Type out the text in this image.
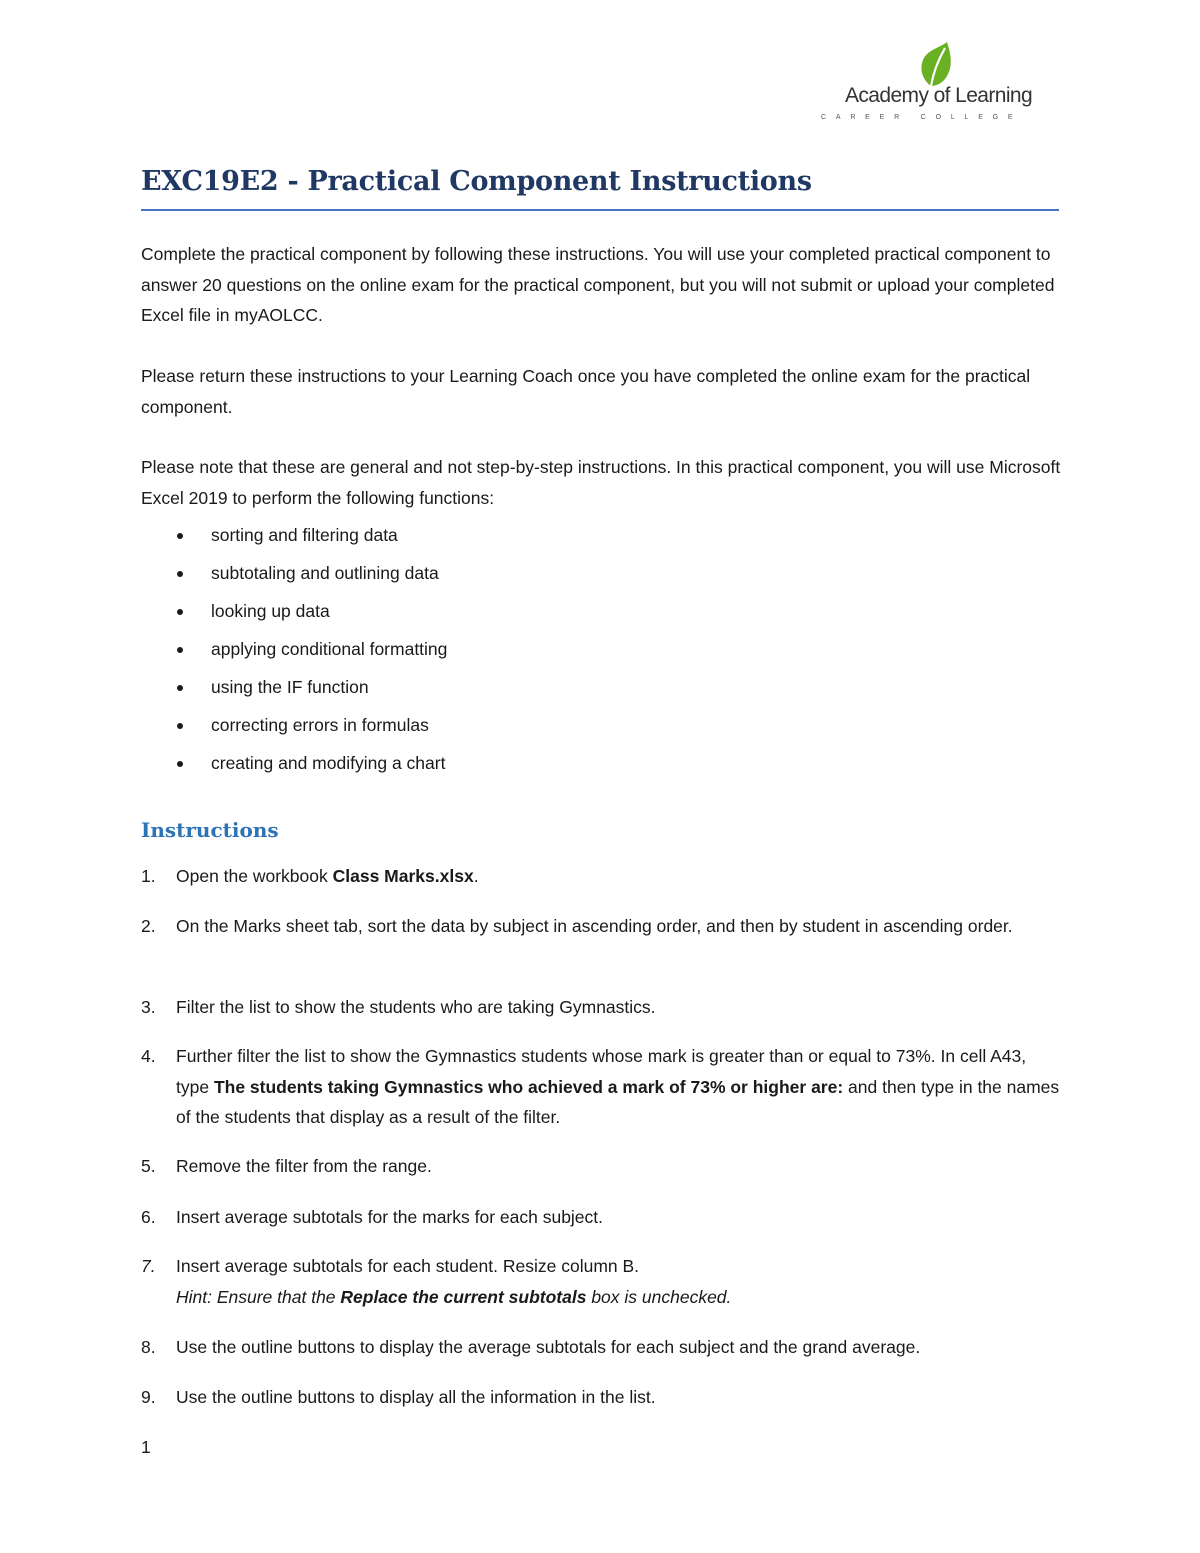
Academy of Learning
CAREER COLLEGE
EXC19E2 - Practical Component Instructions

Complete the practical component by following these instructions. You will use your completed practical component to answer 20 questions on the online exam for the practical component, but you will not submit or upload your completed Excel file in myAOLCC.

Please return these instructions to your Learning Coach once you have completed the online exam for the practical component.

Please note that these are general and not step-by-step instructions. In this practical component, you will use Microsoft Excel 2019 to perform the following functions:

sorting and filtering data
subtotaling and outlining data
looking up data
applying conditional formatting
using the IF function
correcting errors in formulas
creating and modifying a chart
Instructions
1.	Open the workbook Class Marks.xlsx.
2.	On the Marks sheet tab, sort the data by subject in ascending order, and then by student in ascending order.
3.	Filter the list to show the students who are taking Gymnastics.
4.	Further filter the list to show the Gymnastics students whose mark is greater than or equal to 73%. In cell A43, type The students taking Gymnastics who achieved a mark of 73% or higher are: and then type in the names of the students that display as a result of the filter.
5.	Remove the filter from the range.
6.	Insert average subtotals for the marks for each subject.
7.	Insert average subtotals for each student. Resize column B.
Hint: Ensure that the Replace the current subtotals box is unchecked.
8.	Use the outline buttons to display the average subtotals for each subject and the grand average.
9.	Use the outline buttons to display all the information in the list.
1
